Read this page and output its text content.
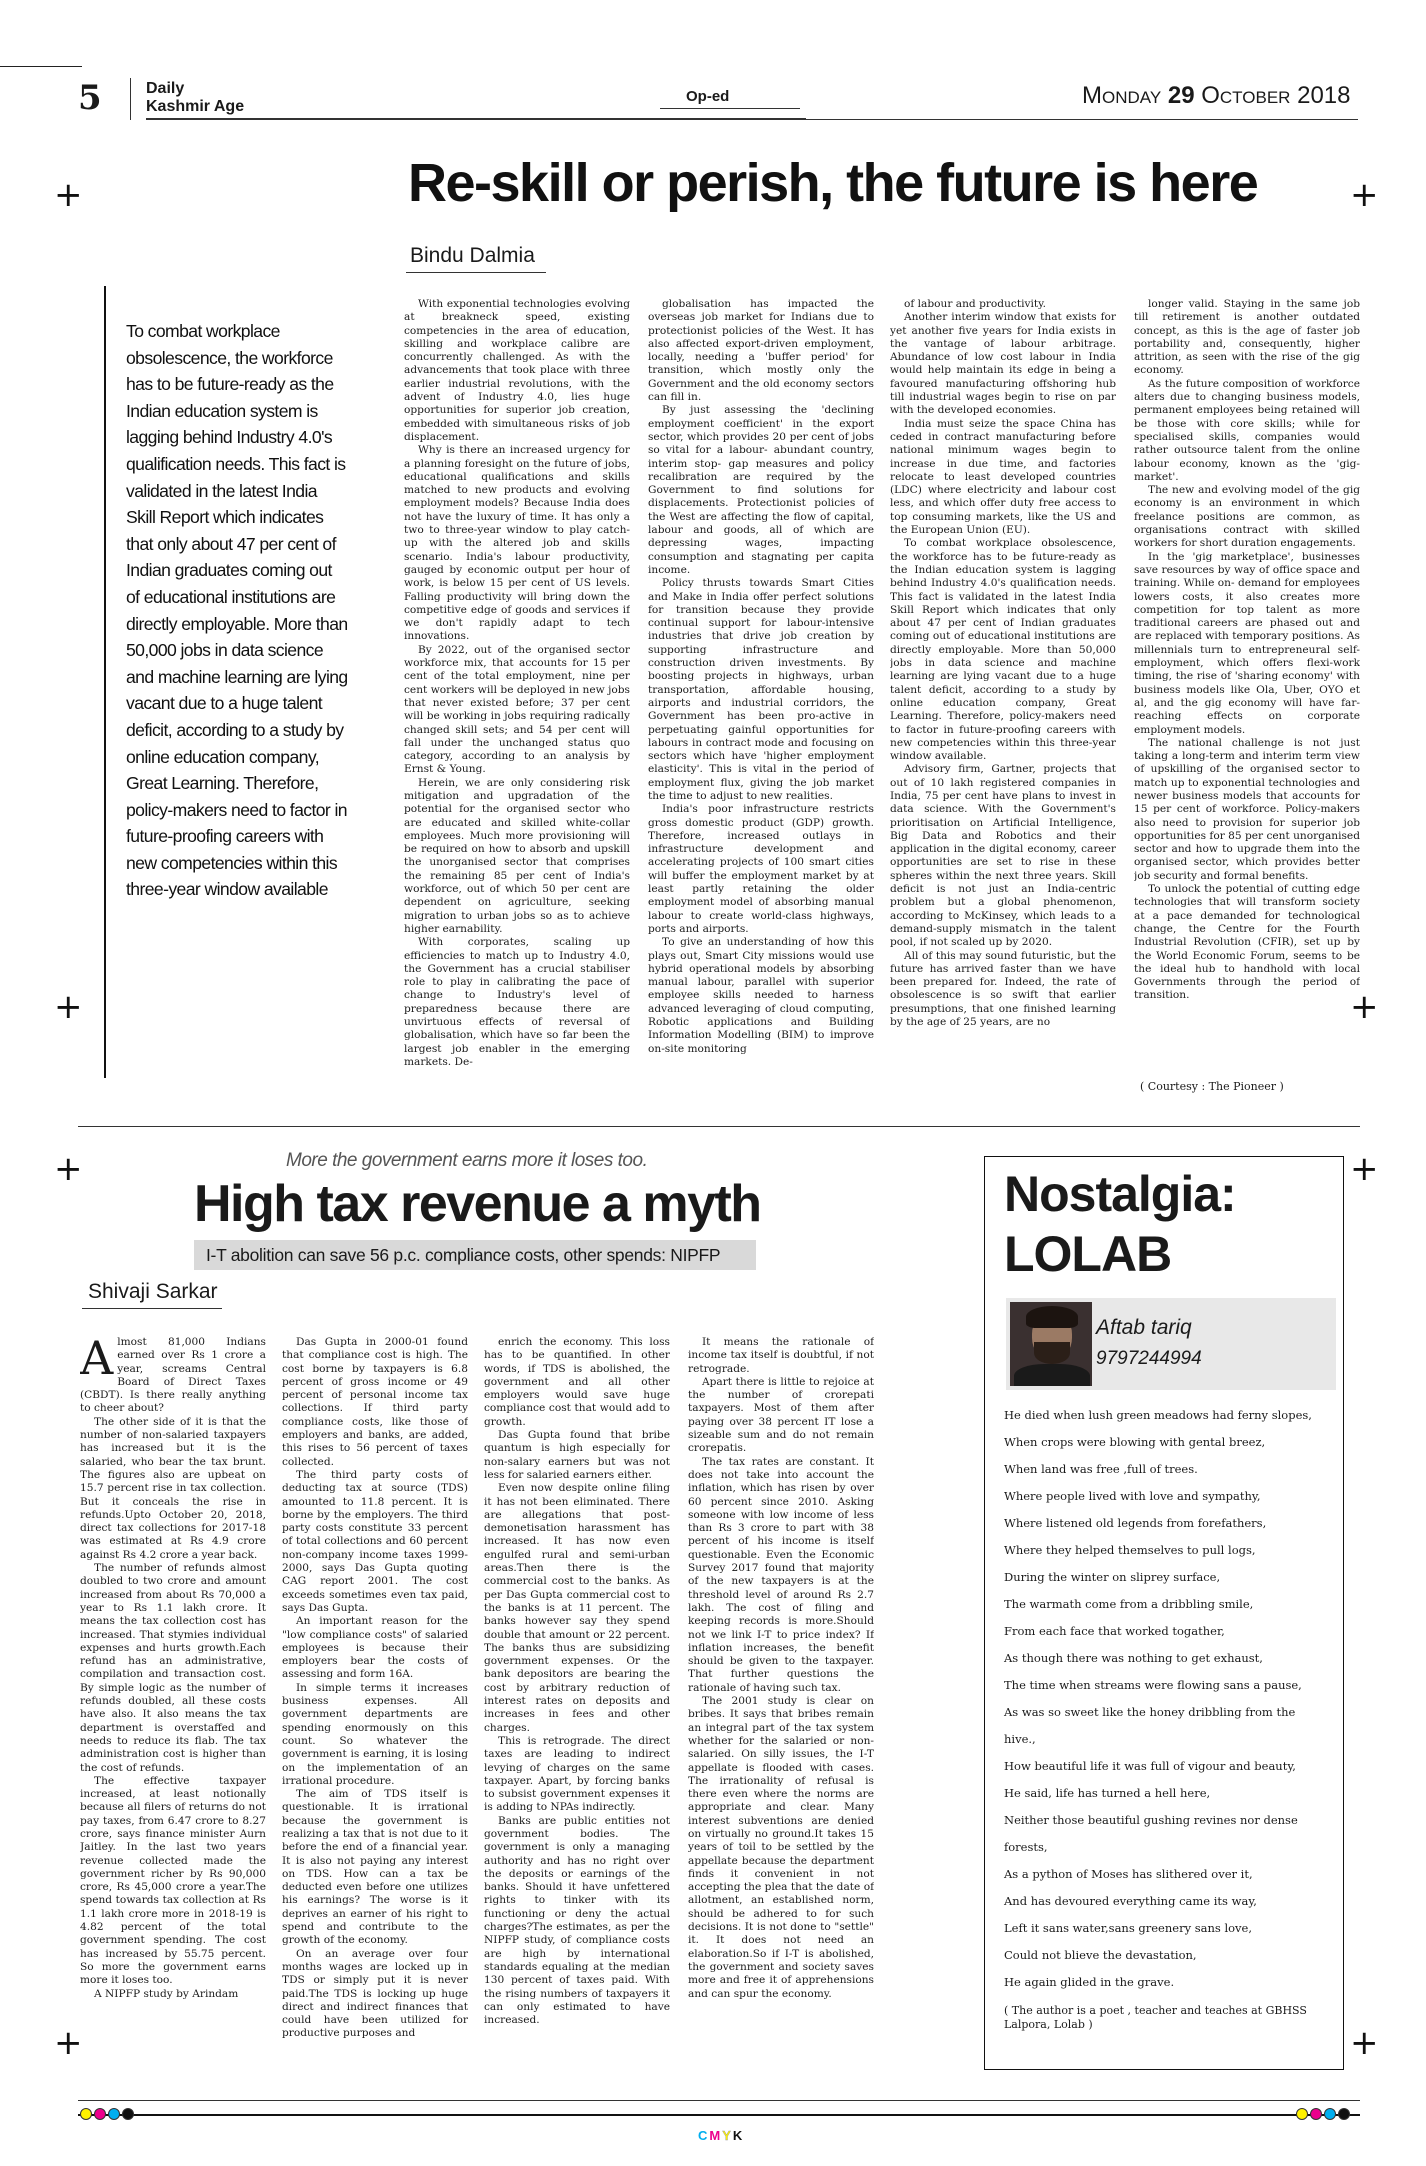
5	Daily
Kashmir Age
Op-ed	Monday 29 October 2018
+	+
+	+
+	+
+	+
Re-skill or perish, the future is here
Bindu Dalmia
To combat workplace obsolescence, the workforce has to be future-ready as the Indian education system is lagging behind Industry 4.0's qualification needs. This fact is validated in the latest India Skill Report which indicates that only about 47 per cent of Indian graduates coming out of educational institutions are directly employable. More than 50,000 jobs in data science and machine learning are lying vacant due to a huge talent deficit, according to a study by online education company, Great Learning. Therefore, policy-makers need to factor in future-proofing careers with new competencies within this three-year window available

With exponential technologies evolving at breakneck speed, existing competencies in the area of education, skilling and workplace calibre are concurrently challenged. As with the advancements that took place with three earlier industrial revolutions, with the advent of Industry 4.0, lies huge opportunities for superior job creation, embedded with simultaneous risks of job displacement.

Why is there an increased urgency for a planning foresight on the future of jobs, educational qualifications and skills matched to new products and evolving employment models? Because India does not have the luxury of time. It has only a two to three-year window to play catch-up with the altered job and skills scenario. India's labour productivity, gauged by economic output per hour of work, is below 15 per cent of US levels. Falling productivity will bring down the competitive edge of goods and services if we don't rapidly adapt to tech innovations.

By 2022, out of the organised sector workforce mix, that accounts for 15 per cent of the total employment, nine per cent workers will be deployed in new jobs that never existed before; 37 per cent will be working in jobs requiring radically changed skill sets; and 54 per cent will fall under the unchanged status quo category, according to an analysis by Ernst & Young.

Herein, we are only considering risk mitigation and upgradation of the potential for the organised sector who are educated and skilled white-collar employees. Much more provisioning will be required on how to absorb and upskill the unorganised sector that comprises the remaining 85 per cent of India's workforce, out of which 50 per cent are dependent on agriculture, seeking migration to urban jobs so as to achieve higher earnability.

With corporates, scaling up efficiencies to match up to Industry 4.0, the Government has a crucial stabiliser role to play in calibrating the pace of change to Industry's level of preparedness because there are unvirtuous effects of reversal of globalisation, which have so far been the largest job enabler in the emerging markets. De-

globalisation has impacted the overseas job market for Indians due to protectionist policies of the West. It has also affected export-driven employment, locally, needing a 'buffer period' for transition, which mostly only the Government and the old economy sectors can fill in.

By just assessing the 'declining employment coefficient' in the export sector, which provides 20 per cent of jobs so vital for a labour- abundant country, interim stop- gap measures and policy recalibration are required by the Government to find solutions for displacements. Protectionist policies of the West are affecting the flow of capital, labour and goods, all of which are depressing wages, impacting consumption and stagnating per capita income.

Policy thrusts towards Smart Cities and Make in India offer perfect solutions for transition because they provide continual support for labour-intensive industries that drive job creation by supporting infrastructure and construction driven investments. By boosting projects in highways, urban transportation, affordable housing, airports and industrial corridors, the Government has been pro-active in perpetuating gainful opportunities for labours in contract mode and focusing on sectors which have 'higher employment elasticity'. This is vital in the period of employment flux, giving the job market the time to adjust to new realities.

India's poor infrastructure restricts gross domestic product (GDP) growth. Therefore, increased outlays in infrastructure development and accelerating projects of 100 smart cities will buffer the employment market by at least partly retaining the older employment model of absorbing manual labour to create world-class highways, ports and airports.

To give an understanding of how this plays out, Smart City missions would use hybrid operational models by absorbing manual labour, parallel with superior employee skills needed to harness advanced leveraging of cloud computing, Robotic applications and Building Information Modelling (BIM) to improve on-site monitoring

of labour and productivity.

Another interim window that exists for yet another five years for India exists in the vantage of labour arbitrage. Abundance of low cost labour in India would help maintain its edge in being a favoured manufacturing offshoring hub till industrial wages begin to rise on par with the developed economies.

India must seize the space China has ceded in contract manufacturing before national minimum wages begin to increase in due time, and factories relocate to least developed countries (LDC) where electricity and labour cost less, and which offer duty free access to top consuming markets, like the US and the European Union (EU).

To combat workplace obsolescence, the workforce has to be future-ready as the Indian education system is lagging behind Industry 4.0's qualification needs. This fact is validated in the latest India Skill Report which indicates that only about 47 per cent of Indian graduates coming out of educational institutions are directly employable. More than 50,000 jobs in data science and machine learning are lying vacant due to a huge talent deficit, according to a study by online education company, Great Learning. Therefore, policy-makers need to factor in future-proofing careers with new competencies within this three-year window available.

Advisory firm, Gartner, projects that out of 10 lakh registered companies in India, 75 per cent have plans to invest in data science. With the Government's prioritisation on Artificial Intelligence, Big Data and Robotics and their application in the digital economy, career opportunities are set to rise in these spheres within the next three years. Skill deficit is not just an India-centric problem but a global phenomenon, according to McKinsey, which leads to a demand-supply mismatch in the talent pool, if not scaled up by 2020.

All of this may sound futuristic, but the future has arrived faster than we have been prepared for. Indeed, the rate of obsolescence is so swift that earlier presumptions, that one finished learning by the age of 25 years, are no

longer valid. Staying in the same job till retirement is another outdated concept, as this is the age of faster job portability and, consequently, higher attrition, as seen with the rise of the gig economy.

As the future composition of workforce alters due to changing business models, permanent employees being retained will be those with core skills; while for specialised skills, companies would rather outsource talent from the online labour economy, known as the 'gig-market'.

The new and evolving model of the gig economy is an environment in which freelance positions are common, as organisations contract with skilled workers for short duration engagements.

In the 'gig marketplace', businesses save resources by way of office space and training. While on- demand for employees lowers costs, it also creates more competition for top talent as more traditional careers are phased out and are replaced with temporary positions. As millennials turn to entrepreneural self-employment, which offers flexi-work timing, the rise of 'sharing economy' with business models like Ola, Uber, OYO et al, and the gig economy will have far-reaching effects on corporate employment models.

The national challenge is not just taking a long-term and interim term view of upskilling of the organised sector to match up to exponential technologies and newer business models that accounts for 15 per cent of workforce. Policy-makers also need to provision for superior job opportunities for 85 per cent unorganised sector and how to upgrade them into the organised sector, which provides better job security and formal benefits.

To unlock the potential of cutting edge technologies that will transform society at a pace demanded for technological change, the Centre for the Fourth Industrial Revolution (CFIR), set up by the World Economic Forum, seems to be the ideal hub to handhold with local Governments through the period of transition.

( Courtesy : The Pioneer )
More the government earns more it loses too.
High tax revenue a myth
I-T abolition can save 56 p.c. compliance costs, other spends: NIPFP
Shivaji Sarkar

Almost 81,000 Indians earned over Rs 1 crore a year, screams Central Board of Direct Taxes (CBDT). Is there really anything to cheer about?

The other side of it is that the number of non-salaried taxpayers has increased but it is the salaried, who bear the tax brunt. The figures also are upbeat on 15.7 percent rise in tax collection. But it conceals the rise in refunds.Upto October 20, 2018, direct tax collections for 2017-18 was estimated at Rs 4.9 crore against Rs 4.2 crore a year back.

The number of refunds almost doubled to two crore and amount increased from about Rs 70,000 a year to Rs 1.1 lakh crore. It means the tax collection cost has increased. That stymies individual expenses and hurts growth.Each refund has an administrative, compilation and transaction cost. By simple logic as the number of refunds doubled, all these costs have also. It also means the tax department is overstaffed and needs to reduce its flab. The tax administration cost is higher than the cost of refunds.

The effective taxpayer increased, at least notionally because all filers of returns do not pay taxes, from 6.47 crore to 8.27 crore, says finance minister Aurn Jaitley. In the last two years revenue collected made the government richer by Rs 90,000 crore, Rs 45,000 crore a year.The spend towards tax collection at Rs 1.1 lakh crore more in 2018-19 is 4.82 percent of the total government spending. The cost has increased by 55.75 percent. So more the government earns more it loses too.

A NIPFP study by Arindam

Das Gupta in 2000-01 found that compliance cost is high. The cost borne by taxpayers is 6.8 percent of gross income or 49 percent of personal income tax collections. If third party compliance costs, like those of employers and banks, are added, this rises to 56 percent of taxes collected.

The third party costs of deducting tax at source (TDS) amounted to 11.8 percent. It is borne by the employers. The third party costs constitute 33 percent of total collections and 60 percent non-company income taxes 1999-2000, says Das Gupta quoting CAG report 2001. The cost exceeds sometimes even tax paid, says Das Gupta.

An important reason for the "low compliance costs" of salaried employees is because their employers bear the costs of assessing and form 16A.

In simple terms it increases business expenses. All government departments are spending enormously on this count. So whatever the government is earning, it is losing on the implementation of an irrational procedure.

The aim of TDS itself is questionable. It is irrational because the government is realizing a tax that is not due to it before the end of a financial year. It is also not paying any interest on TDS. How can a tax be deducted even before one utilizes his earnings? The worse is it deprives an earner of his right to spend and contribute to the growth of the economy.

On an average over four months wages are locked up in TDS or simply put it is never paid.The TDS is locking up huge direct and indirect finances that could have been utilized for productive purposes and

enrich the economy. This loss has to be quantified. In other words, if TDS is abolished, the government and all other employers would save huge compliance cost that would add to growth.

Das Gupta found that bribe quantum is high especially for non-salary earners but was not less for salaried earners either.

Even now despite online filing it has not been eliminated. There are allegations that post-demonetisation harassment has increased. It has now even engulfed rural and semi-urban areas.Then there is the commercial cost to the banks. As per Das Gupta commercial cost to the banks is at 11 percent. The banks however say they spend double that amount or 22 percent. The banks thus are subsidizing government expenses. Or the bank depositors are bearing the cost by arbitrary reduction of interest rates on deposits and increases in fees and other charges.

This is retrograde. The direct taxes are leading to indirect levying of charges on the same taxpayer. Apart, by forcing banks to subsist government expenses it is adding to NPAs indirectly.

Banks are public entities not government bodies. The government is only a managing authority and has no right over the deposits or earnings of the banks. Should it have unfettered rights to tinker with its functioning or deny the actual charges?The estimates, as per the NIPFP study, of compliance costs are high by international standards equaling at the median 130 percent of taxes paid. With the rising numbers of taxpayers it can only estimated to have increased.

It means the rationale of income tax itself is doubtful, if not retrograde.

Apart there is little to rejoice at the number of crorepati taxpayers. Most of them after paying over 38 percent IT lose a sizeable sum and do not remain crorepatis.

The tax rates are constant. It does not take into account the inflation, which has risen by over 60 percent since 2010. Asking someone with low income of less than Rs 3 crore to part with 38 percent of his income is itself questionable. Even the Economic Survey 2017 found that majority of the new taxpayers is at the threshold level of around Rs 2.7 lakh. The cost of filing and keeping records is more.Should not we link I-T to price index? If inflation increases, the benefit should be given to the taxpayer. That further questions the rationale of having such tax.

The 2001 study is clear on bribes. It says that bribes remain an integral part of the tax system whether for the salaried or non-salaried. On silly issues, the I-T appellate is flooded with cases. The irrationality of refusal is there even where the norms are appropriate and clear. Many interest subventions are denied on virtually no ground.It takes 15 years of toil to be settled by the appellate because the department finds it convenient in not accepting the plea that the date of allotment, an established norm, should be adhered to for such decisions. It is not done to "settle" it. It does not need an elaboration.So if I-T is abolished, the government and society saves more and free it of apprehensions and can spur the economy.

Nostalgia:
LOLAB
Aftab tariq
9797244994

He died when lush green meadows had ferny slopes,

When crops were blowing with gental breez,

When land was free ,full of trees.

Where people lived with love and sympathy,

Where listened old legends from forefathers,

Where they helped themselves to pull logs,

During the winter on sliprey surface,

The warmath come from a dribbling smile,

From each face that worked togather,

As though there was nothing to get exhaust,

The time when streams were flowing sans a pause,

As was so sweet like the honey dribbling from the

hive.,

How beautiful life it was full of vigour and beauty,

He said, life has turned a hell here,

Neither those beautiful gushing revines nor dense

forests,

As a python of Moses has slithered over it,

And has devoured everything came its way,

Left it sans water,sans greenery sans love,

Could not blieve the devastation,

He again glided in the grave.

( The author is a poet , teacher and teaches at GBHSS Lalpora, Lolab )
CMYK
